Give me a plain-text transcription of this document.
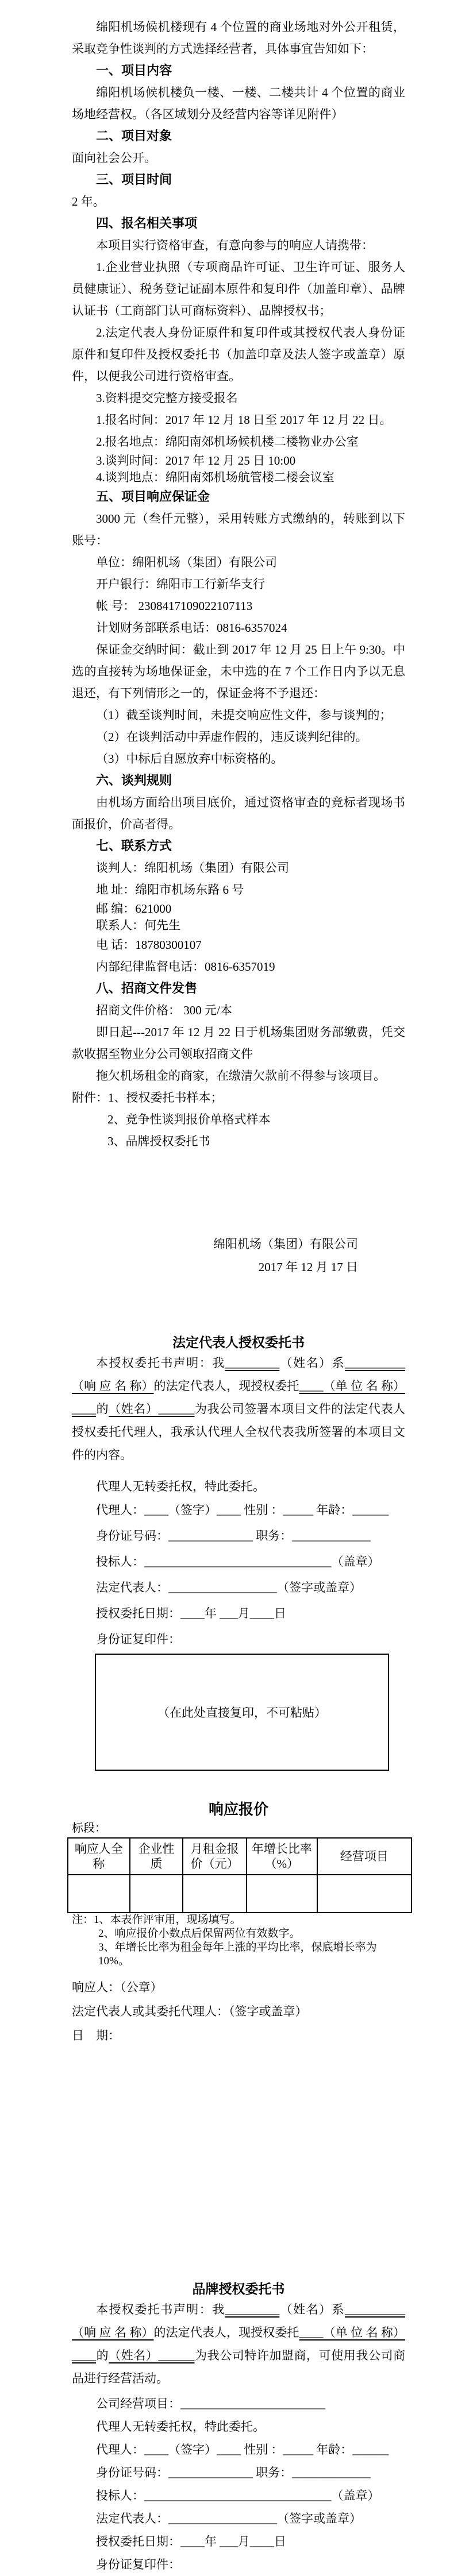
绵阳机场候机楼现有 4 个位置的商业场地对外公开租赁，采取竞争性谈判的方式选择经营者，具体事宜告知如下：

一、项目内容

绵阳机场候机楼负一楼、一楼、二楼共计 4 个位置的商业场地经营权。（各区域划分及经营内容等详见附件）

二、项目对象

面向社会公开。

三、项目时间

2 年。

四、报名相关事项

本项目实行资格审查，有意向参与的响应人请携带：

1.企业营业执照（专项商品许可证、卫生许可证、服务人员健康证）、税务登记证副本原件和复印件（加盖印章）、品牌认证书（工商部门认可商标资料）、品牌授权书；

2.法定代表人身份证原件和复印件或其授权代表人身份证原件和复印件及授权委托书（加盖印章及法人签字或盖章）原件，以便我公司进行资格审查。

3.资料提交完整方接受报名

1.报名时间：2017 年 12 月 18 日至 2017 年 12 月 22 日。

2.报名地点：绵阳南郊机场候机楼二楼物业办公室

3.谈判时间：2017 年 12 月 25 日 10:00

4.谈判地点：绵阳南郊机场航管楼二楼会议室

五、项目响应保证金

3000 元（叁仟元整），采用转账方式缴纳的，转账到以下账号：

单位：绵阳机场（集团）有限公司

开户银行：绵阳市工行新华支行

帐 号： 2308417109022107113

计划财务部联系电话：0816-6357024

保证金交纳时间：截止到 2017 年 12 月 25 日上午 9:30。中选的直接转为场地保证金，未中选的在 7 个工作日内予以无息退还，有下列情形之一的，保证金将不予退还：

（1）截至谈判时间，未提交响应性文件，参与谈判的；

（2）在谈判活动中弄虚作假的，违反谈判纪律的。

（3）中标后自愿放弃中标资格的。

六、谈判规则

由机场方面给出项目底价，通过资格审查的竞标者现场书面报价，价高者得。

七、联系方式

谈判人：绵阳机场（集团）有限公司

地 址：绵阳市机场东路 6 号

邮 编：621000

联系人：何先生

电 话：18780300107

内部纪律监督电话：0816-6357019

八、招商文件发售

招商文件价格： 300 元/本

即日起---2017 年 12 月 22 日于机场集团财务部缴费，凭交款收据至物业分公司领取招商文件

拖欠机场租金的商家，在缴清欠款前不得参与该项目。

附件：1、授权委托书样本；

2、竞争性谈判报价单格式样本

3、品牌授权委托书

绵阳机场（集团）有限公司

2017 年 12 月 17 日

法定代表人授权委托书

本授权委托书声明：我_________（姓名）系__________（响 应 名 称）的法定代表人，现授权委托____（单 位 名 称）____的（姓名）______为我公司签署本项目文件的法定代表人授权委托代理人，我承认代理人全权代表我所签署的本项目文件的内容。

代理人无转委托权，特此委托。

代理人：____（签字）____ 性别 ：_____ 年龄：______

身份证号码：______________ 职务：_____________

投标人：_______________________________（盖章）

法定代表人：__________________（签字或盖章）

授权委托日期：____年 ___月____日

身份证复印件：

（在此处直接复印，不可粘贴）

响应报价

标段：

响应人全称	企业性质	月租金报价（元）	年增长比率（%）	经营项目

注：1、本表作评审用，现场填写。

2、响应报价小数点后保留两位有效数字。

3、年增长比率为租金每年上涨的平均比率，保底增长率为 10%。

响应人：（公章）

法定代表人或其委托代理人：（签字或盖章）

日　期：

品牌授权委托书

本授权委托书声明：我_________（姓名）系__________（响 应 名 称）的法定代表人，现授权委托____（单 位 名 称）____的（姓名）______为我公司特许加盟商，可使用我公司商品进行经营活动。

公司经营项目：________________________

代理人无转委托权，特此委托。

代理人：____（签字）____ 性别 ：_____ 年龄：______

身份证号码：______________ 职务：_____________

投标人：_______________________________（盖章）

法定代表人：__________________（签字或盖章）

授权委托日期：____年 ___月____日

身份证复印件：
